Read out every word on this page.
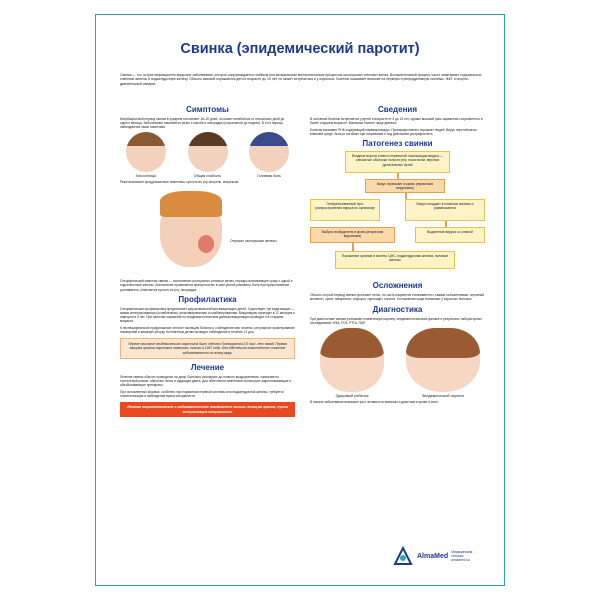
Свинка (эпидемический паротит)
Свинка — это острое инфекционно-вирусное заболевание, которое сопровождается гнойным или катаральным воспалительным процессом околоушных слюнных желез. Воспалительный процесс часто охватывает подъязычные слюнные железы и поджелудочную железу. Обычно свинкой поражаются дети в возрасте до 10 лет, но может встречаться и у взрослых. Болезнь оказывает влияние на нервную и репродуктивную системы, ЖКТ и опорно-двигательный аппарат.
Симптомы

Инкубационный период свинки в среднем составляет 18–20 дней, но может колебаться от нескольких дней до одного месяца. Заболевание начинается резко с озноба и лихорадки (сохраняется до недели). В этот период наблюдаются такие симптомы:

Бессонница	Общая слабость	Головная боль

Реже возникают продромальные симптомы: сухость во рту, мигрень, анорексия.

Опухшие околоушные железы

Специфический симптом свинки — воспаление околоушных слюнных желез, нередко возникающее сразу с одной и подчелюстные железы. Воспаление проявляется припухлостью в зоне ушной раковины. Боль при прикосновении усиливается, отмечается сухость во рту, лихорадка.

Профилактика

Специфическая профилактика предполагает широкомасштабную вакцинацию детей. Существует три вида вакцин — живая аттенуированная (ослабленная), инактивированная и комбинированная. Вакцинацию проводят в 12 месяцев и повторно в 6 лет. При наличии показаний по эпидемиологическим данным вакцинацию проводят и в старшем возрасте.

К неспецифической профилактике относят изоляцию больного, соблюдение мер гигиены, регулярное проветривание помещений и влажную уборку. Контактным детям проводят наблюдение в течение 21 дня.

Первое описание эпидемического паротита было сделано Гиппократом 2,5 тыс. лет назад. Первая вакцина против паротита появилась только в 1967 году. Она обеспечила значительное снижение заболеваемости по всему миру.
Лечение

Лечение свинки обычно проводится на дому. Больного изолируют до полного выздоровления, назначается постельный режим, обильное питье и щадящая диета. Для облегчения симптомов используют жаропонижающие и обезболивающие препараты.

При осложненных формах, особенно при поражении нервной системы или поджелудочной железы, требуется госпитализация и наблюдение врача-специалиста.

Лечение терапевтическое и медикаментозное назначается только лечащим врачом, нужна консультация специалиста!
Сведения

В основном болезнь встречается у детей в возрасте от 5 до 15 лет, однако высокий риск заражения сохраняется и в более старшем возрасте. Мальчики болеют чаще девочек.

Болезнь вызывает РНК-содержащий парамиксовирус. Преимущественно поражает людей. Вирус неустойчив во внешней среде, быстро погибает при нагревании и под действием ультрафиолета.

Патогенез свинки
Входные ворота и место первичной локализации вируса — слизистые оболочки полости рта, носоглотки, верхних дыхательных путей
Вирус проникает в кровь (первичная вирусемия)
Генерализованный путь распространения вируса по организму
Вирус попадает в слюнные железы и размножается
Выброс возбудителя в кровь (вторичная вирусемия)
Выделение вируса со слюной
Поражение органов и систем: ЦНС, поджелудочная железа, половые железы
Осложнения

Обычно острый период свинки протекает легко, но часть пациентов сталкивается с такими осложнениями: серозный менингит, орхит, панкреатит, оофорит, тиреоидит, глухота. Осложнения чаще возникают у взрослых больных.

Диагностика

При диагностике свинки учитывают клиническую картину, эпидемиологические данные и результаты лабораторных исследований: ИФА, РСК, РТГА, ПЦР.

Здоровый ребенок	Эпидемический паротит

В начале заболевания возможен рост активности амилазы и диастазы в крови и моче.

AlmaMed
Медицинская
техника
almamed.su
